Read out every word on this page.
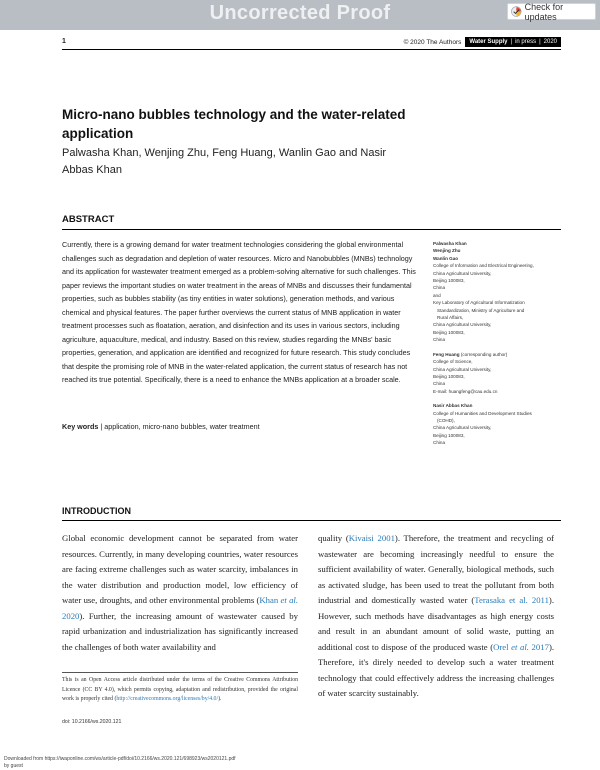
Uncorrected Proof	Check for updates
1	© 2020 The Authors Water Supply | in press | 2020
Micro-nano bubbles technology and the water-related application
Palwasha Khan, Wenjing Zhu, Feng Huang, Wanlin Gao and Nasir Abbas Khan
ABSTRACT
Currently, there is a growing demand for water treatment technologies considering the global environmental challenges such as degradation and depletion of water resources. Micro and Nanobubbles (MNBs) technology and its application for wastewater treatment emerged as a problem-solving alternative for such challenges. This paper reviews the important studies on water treatment in the areas of MNBs and discusses their fundamental properties, such as bubbles stability (as tiny entities in water solutions), generation methods, and various chemical and physical features. The paper further overviews the current status of MNB application in water treatment processes such as floatation, aeration, and disinfection and its uses in various sectors, including agriculture, aquaculture, medical, and industry. Based on this review, studies regarding the MNBs' basic properties, generation, and application are identified and recognized for future research. This study concludes that despite the promising role of MNB in the water-related application, the current status of research has not reached its true potential. Specifically, there is a need to enhance the MNBs application at a broader scale.
Key words | application, micro-nano bubbles, water treatment
Palwasha Khan
Wenjing Zhu
Wanlin Gao
College of Information and Electrical Engineering,
China Agricultural University,
Beijing 100083,
China
and
Key Laboratory of Agricultural Informatization
Standardization, Ministry of Agriculture and
Rural Affairs,
China Agricultural University,
Beijing 100083,
China
Feng Huang (corresponding author)
College of Science,
China Agricultural University,
Beijing 100083,
China
E-mail: huangfeng@cau.edu.cn
Nasir Abbas Khan
College of Humanities and Development Studies
(COHD),
China Agricultural University,
Beijing 100083,
China
INTRODUCTION
Global economic development cannot be separated from water resources. Currently, in many developing countries, water resources are facing extreme challenges such as water scarcity, imbalances in the water distribution and production model, low efficiency of water use, droughts, and other environmental problems (Khan et al. 2020). Further, the increasing amount of wastewater caused by rapid urbanization and industrialization has significantly increased the challenges of both water availability and
quality (Kivaisi 2001). Therefore, the treatment and recycling of wastewater are becoming increasingly needful to ensure the sufficient availability of water. Generally, biological methods, such as activated sludge, has been used to treat the pollutant from both industrial and domestically wasted water (Terasaka et al. 2011). However, such methods have disadvantages as high energy costs and result in an abundant amount of solid waste, putting an additional cost to dispose of the produced waste (Orel et al. 2017). Therefore, it's direly needed to develop such a water treatment technology that could effectively address the increasing challenges of water scarcity sustainably.
This is an Open Access article distributed under the terms of the Creative Commons Attribution Licence (CC BY 4.0), which permits copying, adaptation and redistribution, provided the original work is properly cited (http://creativecommons.org/licenses/by/4.0/).
doi: 10.2166/ws.2020.121
Downloaded from https://iwaponline.com/ws/article-pdf/doi/10.2166/ws.2020.121/698923/ws2020121.pdf
by guest
